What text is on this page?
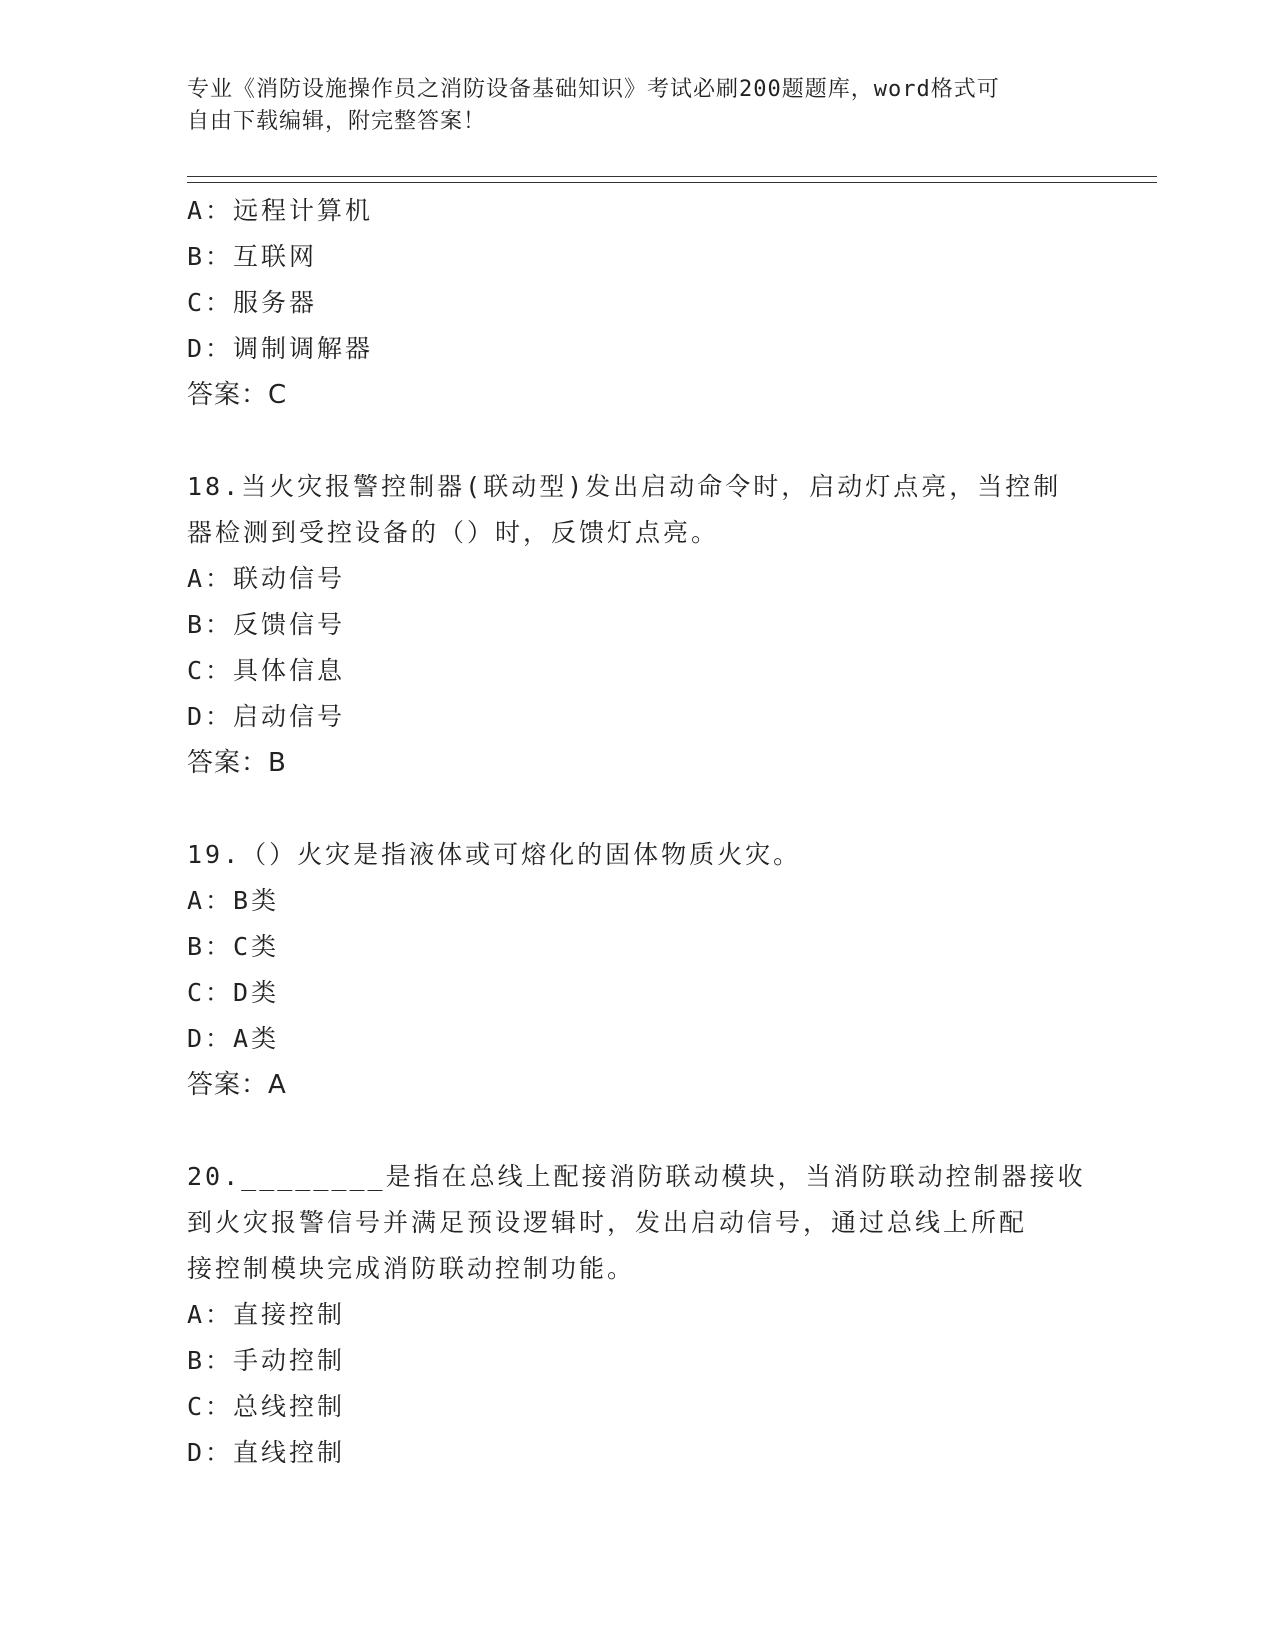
专业《消防设施操作员之消防设备基础知识》考试必刷200题题库，word格式可
自由下载编辑，附完整答案！
A：远程计算机
B：互联网
C：服务器
D：调制调解器
答案：C
18.当火灾报警控制器(联动型)发出启动命令时，启动灯点亮，当控制
器检测到受控设备的（）时，反馈灯点亮。
A：联动信号
B：反馈信号
C：具体信息
D：启动信号
答案：B
19.（）火灾是指液体或可熔化的固体物质火灾。
A：B类
B：C类
C：D类
D：A类
答案：A
20.________是指在总线上配接消防联动模块，当消防联动控制器接收
到火灾报警信号并满足预设逻辑时，发出启动信号，通过总线上所配
接控制模块完成消防联动控制功能。
A：直接控制
B：手动控制
C：总线控制
D：直线控制
